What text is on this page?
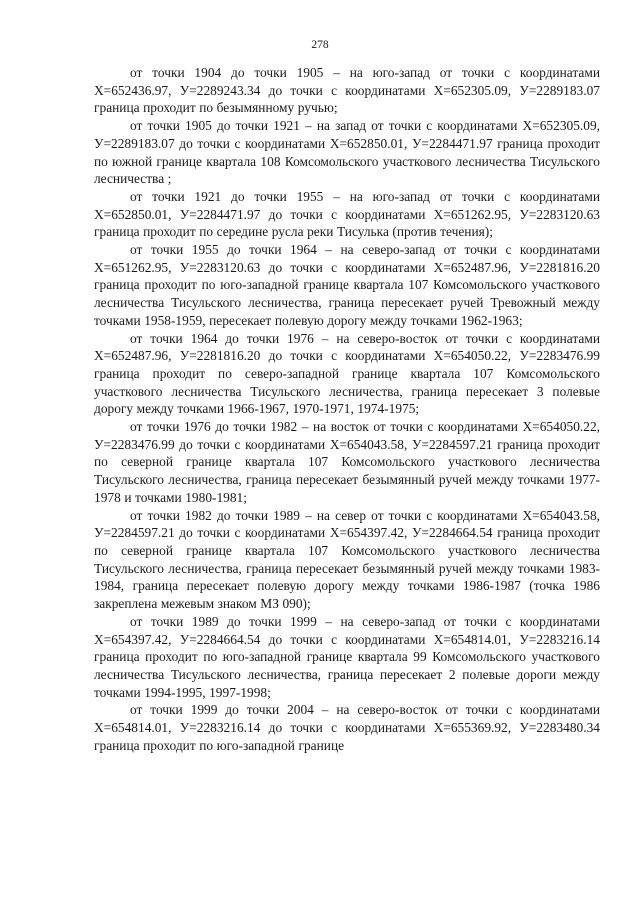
278

от точки 1904 до точки 1905 – на юго-запад от точки с координатами Х=652436.97, У=2289243.34 до точки с координатами Х=652305.09, У=2289183.07 граница проходит по безымянному ручью;

от точки 1905 до точки 1921 – на запад от точки с координатами Х=652305.09, У=2289183.07 до точки с координатами Х=652850.01, У=2284471.97 граница проходит по южной границе квартала 108 Комсомольского участкового лесничества Тисульского лесничества ;

от точки 1921 до точки 1955 – на юго-запад от точки с координатами Х=652850.01, У=2284471.97 до точки с координатами Х=651262.95, У=2283120.63 граница проходит по середине русла реки Тисулька (против течения);

от точки 1955 до точки 1964 – на северо-запад от точки с координатами Х=651262.95, У=2283120.63 до точки с координатами Х=652487.96, У=2281816.20 граница проходит по юго-западной границе квартала 107 Комсомольского участкового лесничества Тисульского лесничества, граница пересекает ручей Тревожный между точками 1958-1959, пересекает полевую дорогу между точками 1962-1963;

от точки 1964 до точки 1976 – на северо-восток от точки с координатами Х=652487.96, У=2281816.20 до точки с координатами Х=654050.22, У=2283476.99 граница проходит по северо-западной границе квартала 107 Комсомольского участкового лесничества Тисульского лесничества, граница пересекает 3 полевые дорогу между точками 1966-1967, 1970-1971, 1974-1975;

от точки 1976 до точки 1982 – на восток от точки с координатами Х=654050.22, У=2283476.99 до точки с координатами Х=654043.58, У=2284597.21 граница проходит по северной границе квартала 107 Комсомольского участкового лесничества Тисульского лесничества, граница пересекает безымянный ручей между точками 1977-1978 и точками 1980-1981;

от точки 1982 до точки 1989 – на север от точки с координатами Х=654043.58, У=2284597.21 до точки с координатами Х=654397.42, У=2284664.54 граница проходит по северной границе квартала 107 Комсомольского участкового лесничества Тисульского лесничества, граница пересекает безымянный ручей между точками 1983-1984, граница пересекает полевую дорогу между точками 1986-1987 (точка 1986 закреплена межевым знаком МЗ 090);

от точки 1989 до точки 1999 – на северо-запад от точки с координатами Х=654397.42, У=2284664.54 до точки с координатами Х=654814.01, У=2283216.14 граница проходит по юго-западной границе квартала 99 Комсомольского участкового лесничества Тисульского лесничества, граница пересекает 2 полевые дороги между точками 1994-1995, 1997-1998;

от точки 1999 до точки 2004 – на северо-восток от точки с координатами Х=654814.01, У=2283216.14 до точки с координатами Х=655369.92, У=2283480.34 граница проходит по юго-западной границе
